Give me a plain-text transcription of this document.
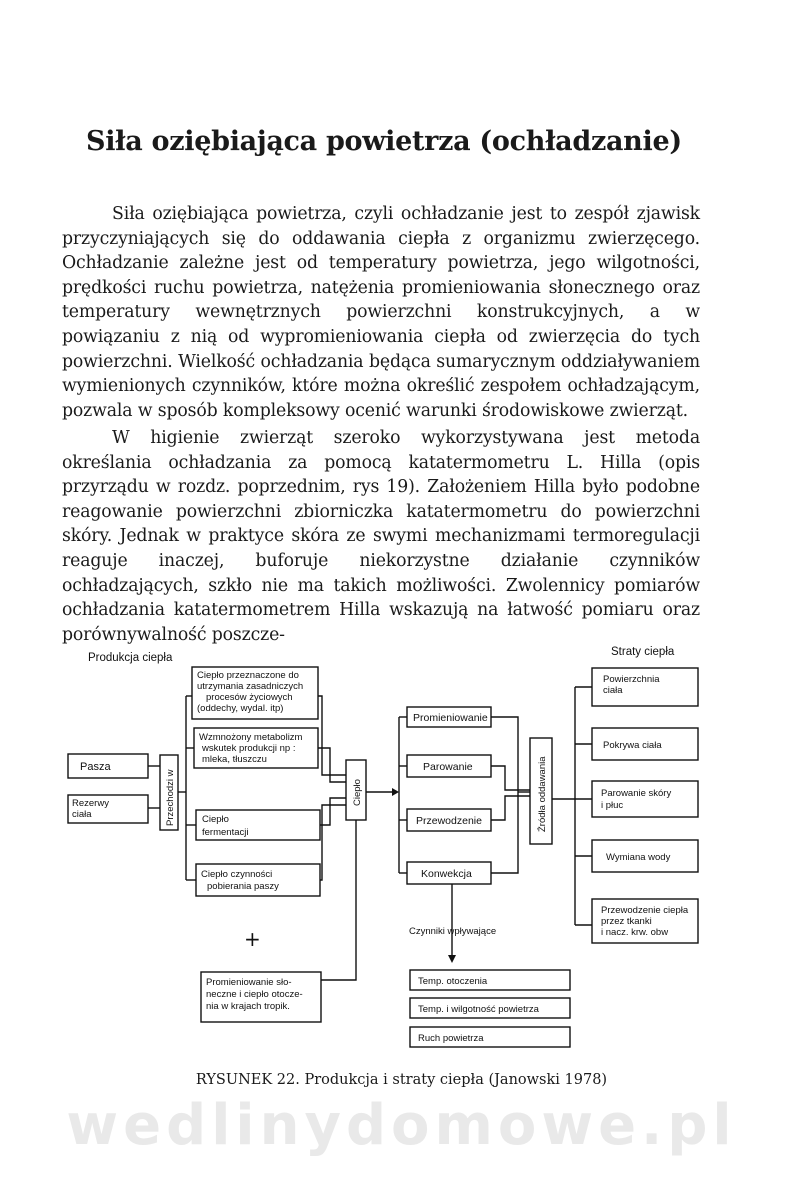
Siła oziębiająca powietrza (ochładzanie)

Siła oziębiająca powietrza, czyli ochładzanie jest to zespół zjawisk przyczyniających się do oddawania ciepła z organizmu zwierzęcego. Ochładzanie zależne jest od temperatury powietrza, jego wilgotności, prędkości ruchu powietrza, natężenia promieniowania słonecznego oraz temperatury wewnętrznych powierzchni konstrukcyjnych, a w powiązaniu z nią od wypromieniowania ciepła od zwierzęcia do tych powierzchni. Wielkość ochładzania będąca sumarycznym oddziaływaniem wymienionych czynników, które można określić zespołem ochładzającym, pozwala w sposób kompleksowy ocenić warunki środowiskowe zwierząt.

W higienie zwierząt szeroko wykorzystywana jest metoda określania ochładzania za pomocą katatermometru L. Hilla (opis przyrządu w rozdz. poprzednim, rys 19). Założeniem Hilla było podobne reagowanie powierzchni zbiorniczka katatermometru do powierzchni skóry. Jednak w praktyce skóra ze swymi mechanizmami termoregulacji reaguje inaczej, buforuje niekorzystne działanie czynników ochładzających, szkło nie ma takich możliwości. Zwolennicy pomiarów ochładzania katatermometrem Hilla wskazują na łatwość pomiaru oraz porównywalność poszcze-

Produkcja ciepła	Straty ciepła
Pasza
Rezerwy
ciała	Przechodzi w
Ciepło przeznaczone do
utrzymania zasadniczych
procesów życiowych
(oddechy, wydal. itp)
Wzmnożony metabolizm
wskutek produkcji np :
mleka, tłuszczu
Ciepło
fermentacji
Ciepło czynności
pobierania paszy
Ciepło
+
Promieniowanie sło-
neczne i ciepło otocze-
nia w krajach tropik.
Promieniowanie
Parowanie
Przewodzenie
Konwekcja
Źródła oddawania
Powierzchnia
ciała
Pokrywa ciała
Parowanie skóry
i płuc
Wymiana wody
Przewodzenie ciepła
przez tkanki
i nacz. krw. obw
Czynniki wpływające
Temp. otoczenia
Temp. i wilgotność powietrza
Ruch powietrza
RYSUNEK 22. Produkcja i straty ciepła (Janowski 1978)
wedlinydomowe.pl
